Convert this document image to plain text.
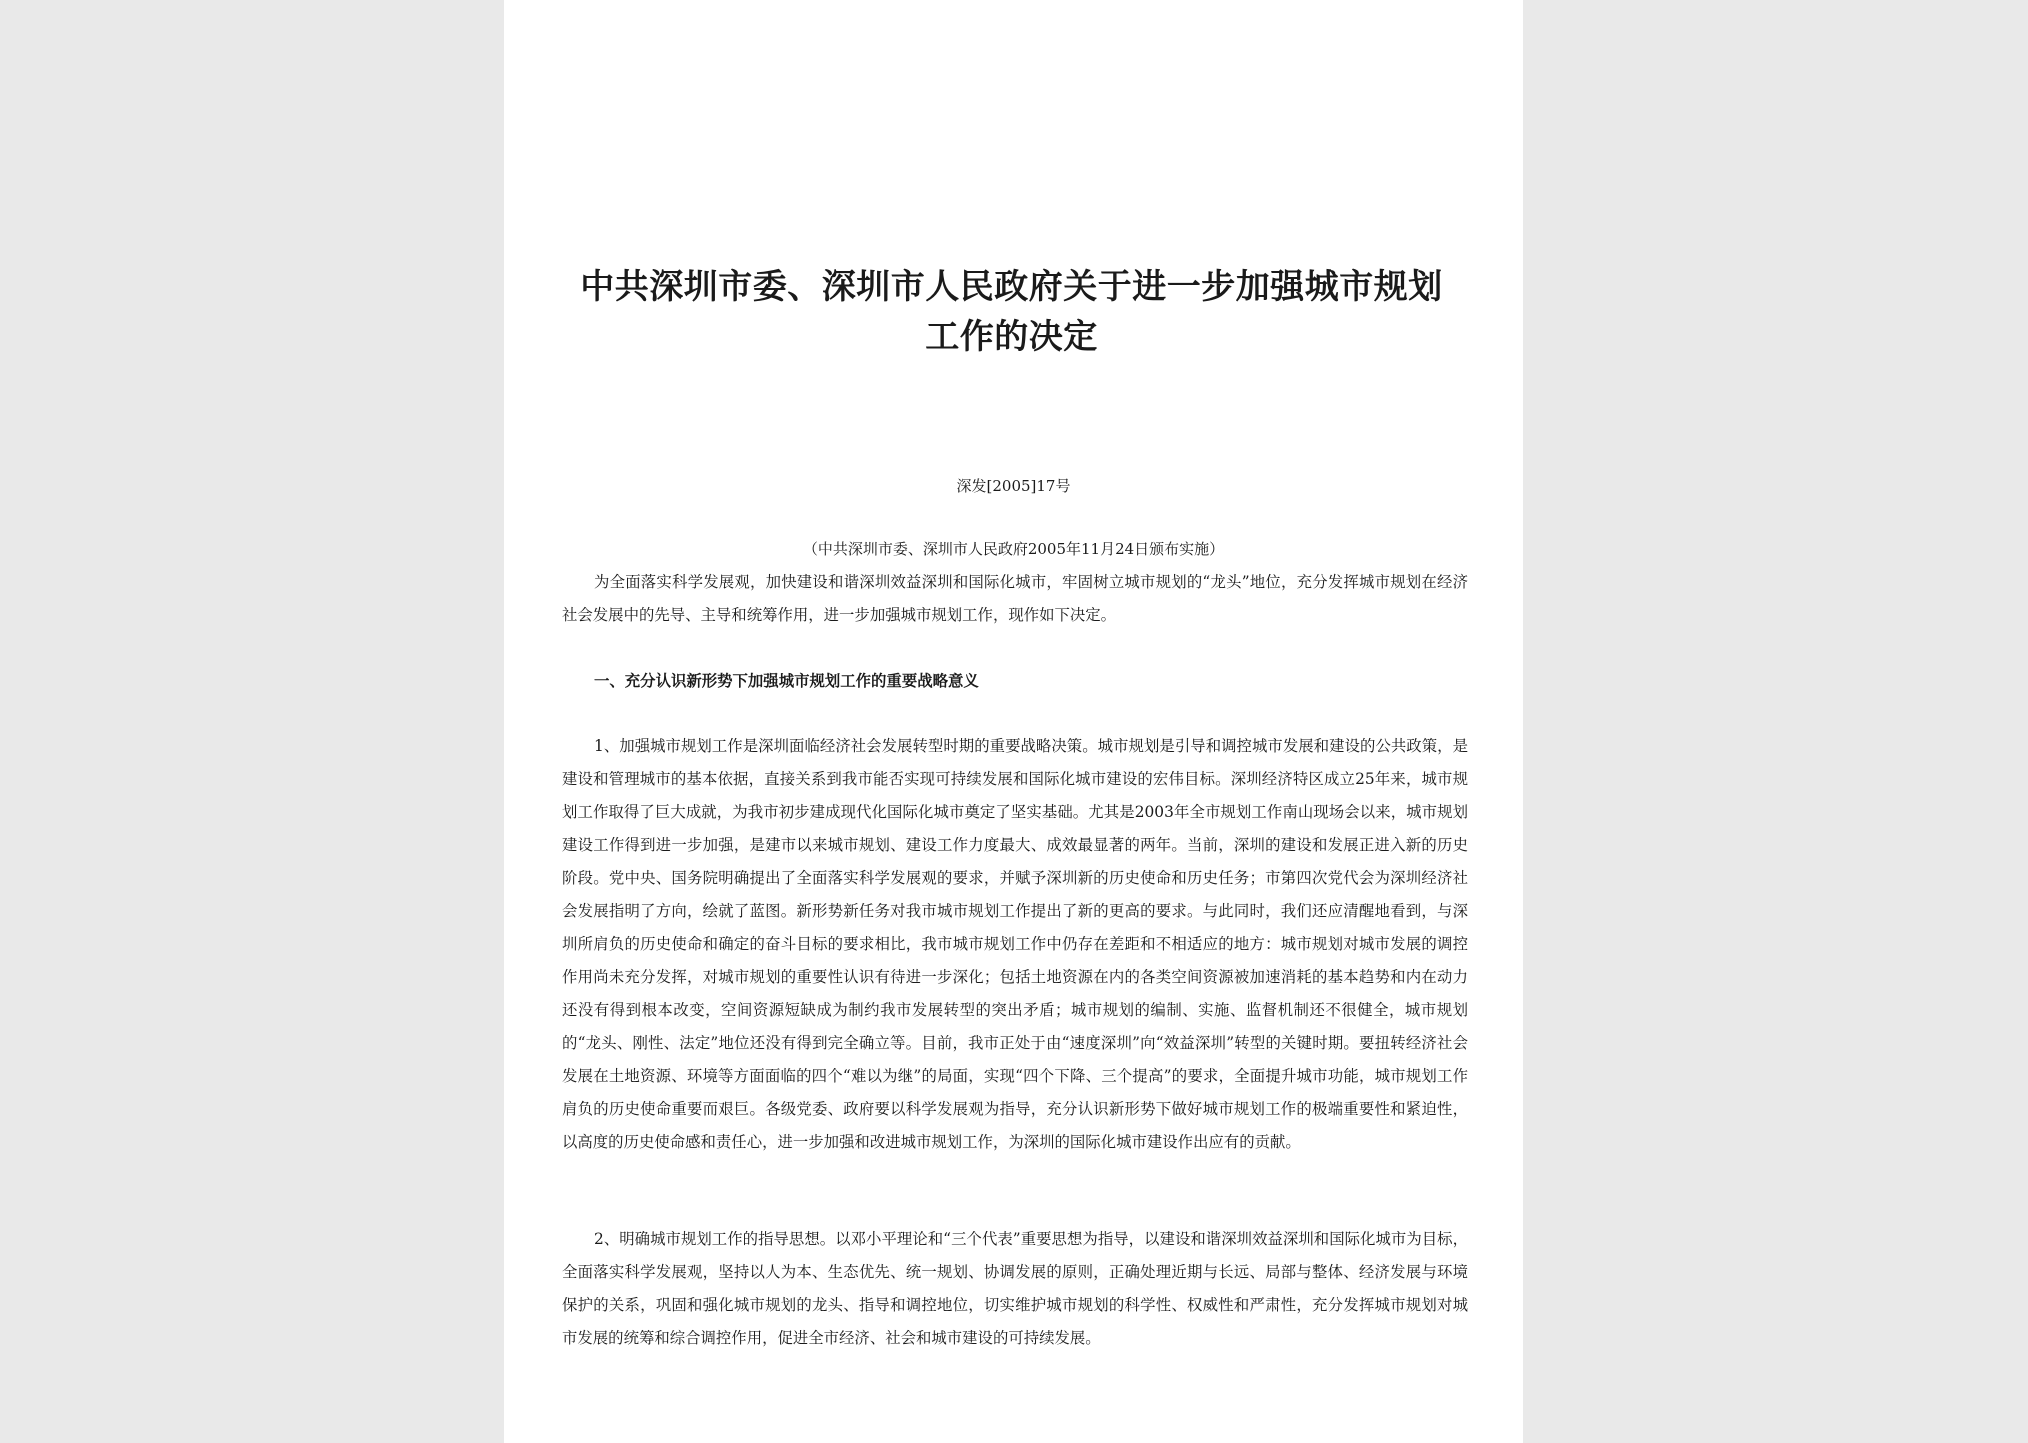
中共深圳市委、深圳市人民政府关于进一步加强城市规划工作的决定
深发[2005]17号
（中共深圳市委、深圳市人民政府2005年11月24日颁布实施）

为全面落实科学发展观，加快建设和谐深圳效益深圳和国际化城市，牢固树立城市规划的“龙头”地位，充分发挥城市规划在经济社会发展中的先导、主导和统筹作用，进一步加强城市规划工作，现作如下决定。

一、充分认识新形势下加强城市规划工作的重要战略意义

1、加强城市规划工作是深圳面临经济社会发展转型时期的重要战略决策。城市规划是引导和调控城市发展和建设的公共政策，是建设和管理城市的基本依据，直接关系到我市能否实现可持续发展和国际化城市建设的宏伟目标。深圳经济特区成立25年来，城市规划工作取得了巨大成就，为我市初步建成现代化国际化城市奠定了坚实基础。尤其是2003年全市规划工作南山现场会以来，城市规划建设工作得到进一步加强，是建市以来城市规划、建设工作力度最大、成效最显著的两年。当前，深圳的建设和发展正进入新的历史阶段。党中央、国务院明确提出了全面落实科学发展观的要求，并赋予深圳新的历史使命和历史任务；市第四次党代会为深圳经济社会发展指明了方向，绘就了蓝图。新形势新任务对我市城市规划工作提出了新的更高的要求。与此同时，我们还应清醒地看到，与深圳所肩负的历史使命和确定的奋斗目标的要求相比，我市城市规划工作中仍存在差距和不相适应的地方：城市规划对城市发展的调控作用尚未充分发挥，对城市规划的重要性认识有待进一步深化；包括土地资源在内的各类空间资源被加速消耗的基本趋势和内在动力还没有得到根本改变，空间资源短缺成为制约我市发展转型的突出矛盾；城市规划的编制、实施、监督机制还不很健全，城市规划的“龙头、刚性、法定”地位还没有得到完全确立等。目前，我市正处于由“速度深圳”向“效益深圳”转型的关键时期。要扭转经济社会发展在土地资源、环境等方面面临的四个“难以为继”的局面，实现“四个下降、三个提高”的要求，全面提升城市功能，城市规划工作肩负的历史使命重要而艰巨。各级党委、政府要以科学发展观为指导，充分认识新形势下做好城市规划工作的极端重要性和紧迫性，以高度的历史使命感和责任心，进一步加强和改进城市规划工作，为深圳的国际化城市建设作出应有的贡献。

2、明确城市规划工作的指导思想。以邓小平理论和“三个代表”重要思想为指导，以建设和谐深圳效益深圳和国际化城市为目标，全面落实科学发展观，坚持以人为本、生态优先、统一规划、协调发展的原则，正确处理近期与长远、局部与整体、经济发展与环境保护的关系，巩固和强化城市规划的龙头、指导和调控地位，切实维护城市规划的科学性、权威性和严肃性，充分发挥城市规划对城市发展的统筹和综合调控作用，促进全市经济、社会和城市建设的可持续发展。
